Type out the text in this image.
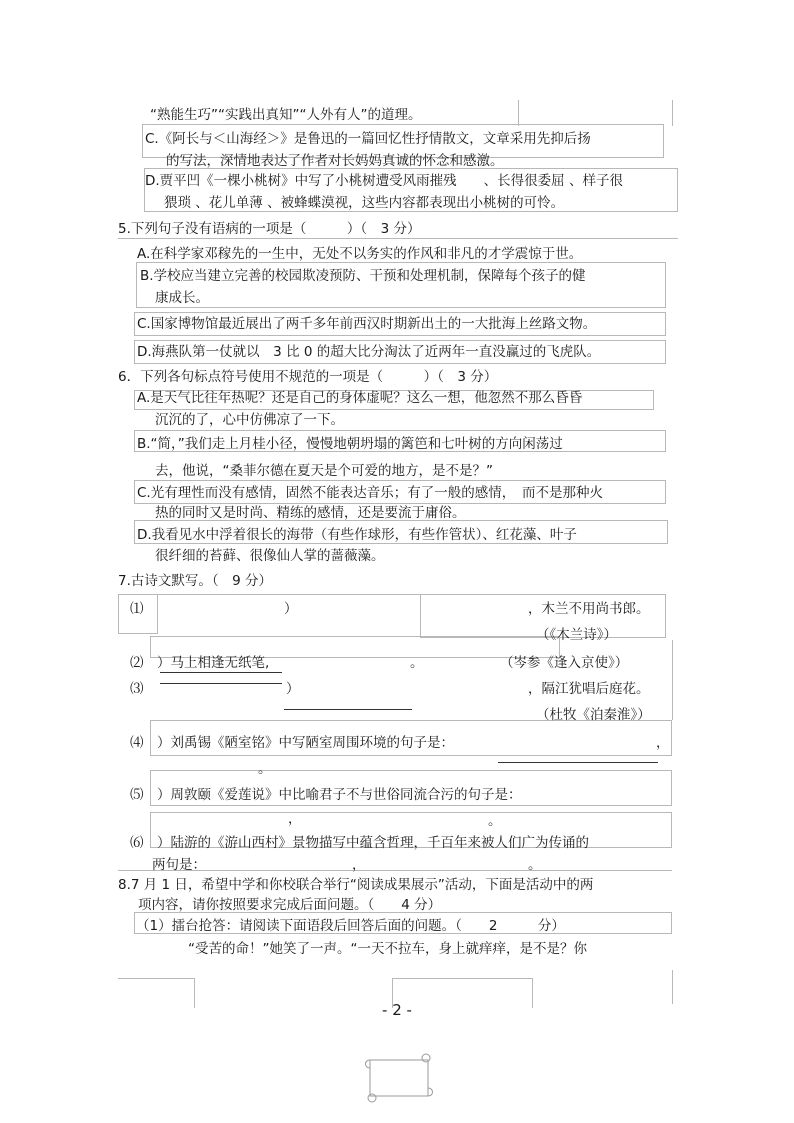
“熟能生巧”“实践出真知”“人外有人”的道理。
C.《阿长与＜山海经＞》是鲁迅的一篇回忆性抒情散文，文章采用先抑后扬
的写法，深情地表达了作者对长妈妈真诚的怀念和感激。
D.贾平凹《一棵小桃树》中写了小桃树遭受风雨摧残　　、长得很委屈 、样子很
猥琐 、花儿单薄 、被蜂蝶漠视，这些内容都表现出小桃树的可怜。
5.下列句子没有语病的一项是（　　　）（　3 分）
A.在科学家邓稼先的一生中，无处不以务实的作风和非凡的才学震惊于世。
B.学校应当建立完善的校园欺凌预防、干预和处理机制，保障每个孩子的健
康成长。
C.国家博物馆最近展出了两千多年前西汉时期新出土的一大批海上丝路文物。
D.海燕队第一仗就以　3 比 0 的超大比分淘汰了近两年一直没赢过的飞虎队。
6．下列各句标点符号使用不规范的一项是（　　　）（　3 分）
A.是天气比往年热呢？还是自己的身体虚呢？这么一想，他忽然不那么昏昏
沉沉的了，心中仿佛凉了一下。
B.“简，”我们走上月桂小径，慢慢地朝坍塌的篱笆和七叶树的方向闲荡过
去，他说，“桑菲尔德在夏天是个可爱的地方，是不是？”
C.光有理性而没有感情，固然不能表达音乐；有了一般的感情，　而不是那种火
热的同时又是时尚、精练的感情，还是要流于庸俗。
D.我看见水中浮着很长的海带（有些作球形，有些作管状）、红花藻、叶子
很纤细的苔藓、很像仙人掌的蔷薇藻。
7.古诗文默写。（　9 分）
⑴	）	，木兰不用尚书郎。
（《木兰诗》）
⑵　）马上相逢无纸笔,	。	（岑参《逢入京使》）
⑶	）	，隔江犹唱后庭花。
（杜牧《泊秦淮》）
⑷　）刘禹锡《陋室铭》中写陋室周围环境的句子是：	，
。
⑸　）周敦颐《爱莲说》中比喻君子不与世俗同流合污的句子是：
，	。
⑹　）陆游的《游山西村》景物描写中蕴含哲理，千百年来被人们广为传诵的
两句是：	，	。
8.7 月 1 日，希望中学和你校联合举行“阅读成果展示”活动，下面是活动中的两
项内容，请你按照要求完成后面问题。（　　4 分）
（1）擂台抢答：请阅读下面语段后回答后面的问题。（　　2　　　分）
“受苦的命！”她笑了一声。“一天不拉车，身上就痒痒，是不是？你
- 2 -
